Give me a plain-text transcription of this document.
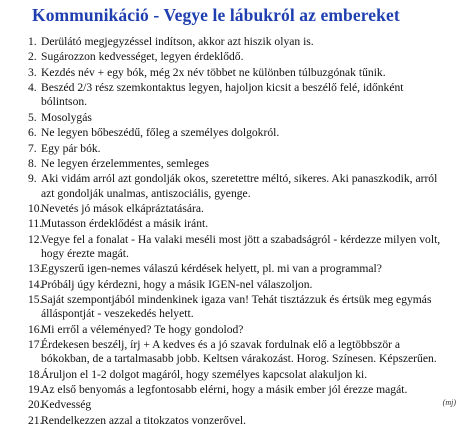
Kommunikáció - Vegye le lábukról az embereket
1. Derülátó megjegyzéssel indítson, akkor azt hiszik olyan is.
2. Sugározzon kedvességet, legyen érdeklődő.
3. Kezdés név + egy bók, még 2x név többet ne különben túlbuzgónak tűnik.
4. Beszéd 2/3 rész szemkontaktus legyen, hajoljon kicsit a beszélő felé, időnként bólintson.
5. Mosolygás
6. Ne legyen bőbeszédű, főleg a személyes dolgokról.
7. Egy pár bók.
8. Ne legyen érzelemmentes, semleges
9. Aki vidám arról azt gondolják okos, szeretettre méltó, sikeres. Aki panaszkodik, arról azt gondolják unalmas, antiszociális, gyenge.
10.
Nevetés jó mások elkápráztatására.
11.
Mutasson érdeklődést a másik iránt.
12.
Vegye fel a fonalat - Ha valaki meséli most jött a szabadságról - kérdezze milyen volt, hogy érezte magát.
13.
Egyszerű igen-nemes válaszú kérdések helyett, pl. mi van a programmal?
14.
Próbálj úgy kérdezni, hogy a másik IGEN-nel válaszoljon.
15.
Saját szempontjából mindenkinek igaza van! Tehát tisztázzuk és értsük meg egymás álláspontját - veszekedés helyett.
16.
Mi erről a véleményed? Te hogy gondolod?
17.
Érdekesen beszélj, írj + A kedves és a jó szavak fordulnak elő a legtöbbször a bókokban, de a tartalmasabb jobb. Keltsen várakozást. Horog. Színesen. Képszerűen.
18.
Áruljon el 1-2 dolgot magáról, hogy személyes kapcsolat alakuljon ki.
19.
Az első benyomás a legfontosabb elérni, hogy a másik ember jól érezze magát.
20.
Kedvesség
21.
Rendelkezzen azzal a titokzatos vonzerővel.
(mj)
